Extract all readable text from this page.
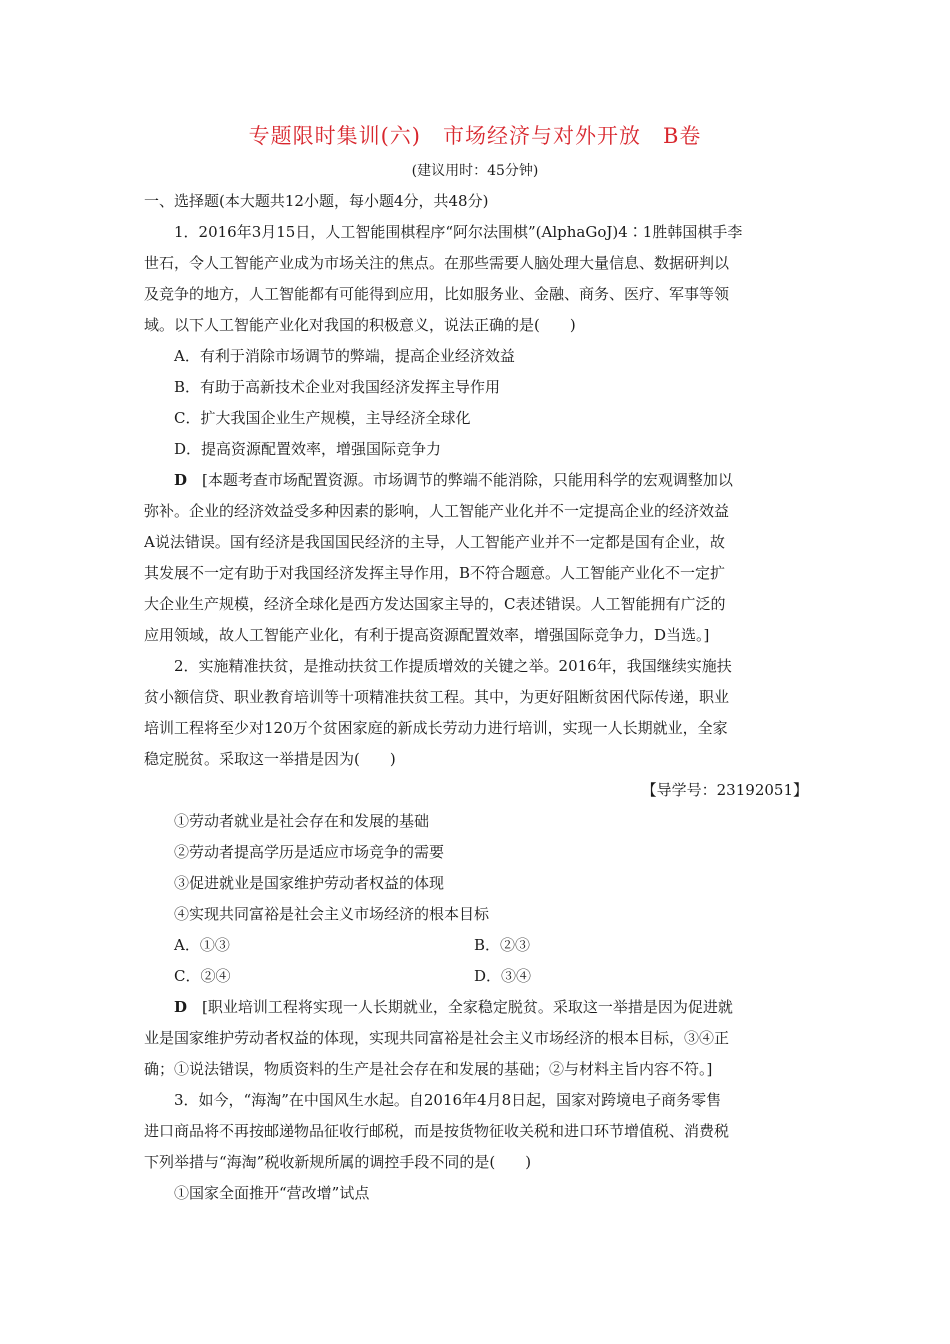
专题限时集训(六)　市场经济与对外开放　B卷
(建议用时：45分钟)
一、选择题(本大题共12小题，每小题4分，共48分)
1．2016年3月15日，人工智能围棋程序“阿尔法围棋”(AlphaGoJ)4∶1胜韩国棋手李
世石，令人工智能产业成为市场关注的焦点。在那些需要人脑处理大量信息、数据研判以
及竞争的地方，人工智能都有可能得到应用，比如服务业、金融、商务、医疗、军事等领
域。以下人工智能产业化对我国的积极意义，说法正确的是(　　)
A．有利于消除市场调节的弊端，提高企业经济效益
B．有助于高新技术企业对我国经济发挥主导作用
C．扩大我国企业生产规模，主导经济全球化
D．提高资源配置效率，增强国际竞争力
D　 [本题考查市场配置资源。市场调节的弊端不能消除，只能用科学的宏观调整加以
弥补。企业的经济效益受多种因素的影响，人工智能产业化并不一定提高企业的经济效益
A说法错误。国有经济是我国国民经济的主导，人工智能产业并不一定都是国有企业，故
其发展不一定有助于对我国经济发挥主导作用，B不符合题意。人工智能产业化不一定扩
大企业生产规模，经济全球化是西方发达国家主导的，C表述错误。人工智能拥有广泛的
应用领域，故人工智能产业化，有利于提高资源配置效率，增强国际竞争力，D当选。]
2．实施精准扶贫，是推动扶贫工作提质增效的关键之举。2016年，我国继续实施扶
贫小额信贷、职业教育培训等十项精准扶贫工程。其中，为更好阻断贫困代际传递，职业
培训工程将至少对120万个贫困家庭的新成长劳动力进行培训，实现一人长期就业，全家
稳定脱贫。采取这一举措是因为(　　)
【导学号：23192051】
①劳动者就业是社会存在和发展的基础
②劳动者提高学历是适应市场竞争的需要
③促进就业是国家维护劳动者权益的体现
④实现共同富裕是社会主义市场经济的根本目标
A．①③	B．②③
C．②④	D．③④
D　 [职业培训工程将实现一人长期就业，全家稳定脱贫。采取这一举措是因为促进就
业是国家维护劳动者权益的体现，实现共同富裕是社会主义市场经济的根本目标，③④正
确；①说法错误，物质资料的生产是社会存在和发展的基础；②与材料主旨内容不符。]
3．如今，“海淘”在中国风生水起。自2016年4月8日起，国家对跨境电子商务零售
进口商品将不再按邮递物品征收行邮税，而是按货物征收关税和进口环节增值税、消费税
下列举措与“海淘”税收新规所属的调控手段不同的是(　　)
①国家全面推开“营改增”试点
